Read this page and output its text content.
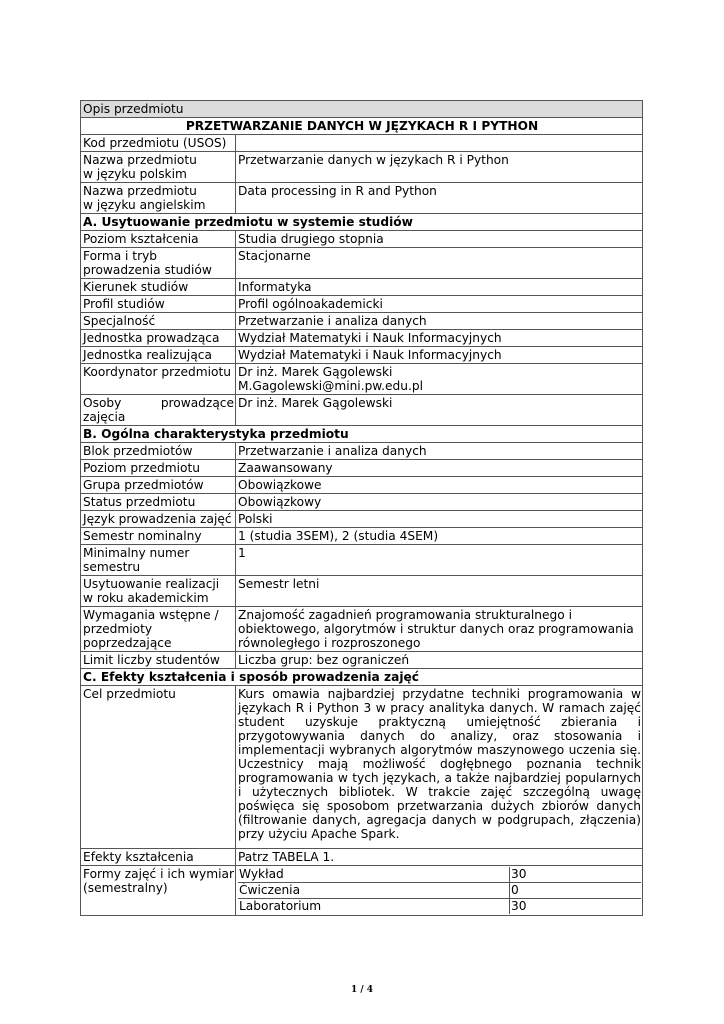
Opis przedmiotu
PRZETWARZANIE DANYCH W JĘZYKACH R I PYTHON
Kod przedmiotu (USOS)	
Nazwa przedmiotu
w języku polskim	Przetwarzanie danych w językach R i Python
Nazwa przedmiotu
w języku angielskim	Data processing in R and Python
A. Usytuowanie przedmiotu w systemie studiów
Poziom kształcenia	Studia drugiego stopnia
Forma i tryb
prowadzenia studiów	Stacjonarne
Kierunek studiów	Informatyka
Profil studiów	Profil ogólnoakademicki
Specjalność	Przetwarzanie i analiza danych
Jednostka prowadząca	Wydział Matematyki i Nauk Informacyjnych
Jednostka realizująca	Wydział Matematyki i Nauk Informacyjnych
Koordynator przedmiotu	Dr inż. Marek Gągolewski
M.Gagolewski@mini.pw.edu.pl
Osoby prowadzące zajęcia	Dr inż. Marek Gągolewski
B. Ogólna charakterystyka przedmiotu
Blok przedmiotów	Przetwarzanie i analiza danych
Poziom przedmiotu	Zaawansowany
Grupa przedmiotów	Obowiązkowe
Status przedmiotu	Obowiązkowy
Język prowadzenia zajęć	Polski
Semestr nominalny	1 (studia 3SEM), 2 (studia 4SEM)
Minimalny numer
semestru	1
Usytuowanie realizacji
w roku akademickim	Semestr letni
Wymagania wstępne /
przedmioty
poprzedzające	Znajomość zagadnień programowania strukturalnego i
obiektowego, algorytmów i struktur danych oraz programowania
równoległego i rozproszonego
Limit liczby studentów	Liczba grup: bez ograniczeń
C. Efekty kształcenia i sposób prowadzenia zajęć
Cel przedmiotu	Kurs omawia najbardziej przydatne techniki programowania w językach R i Python 3 w pracy analityka danych. W ramach zajęć student uzyskuje praktyczną umiejętność zbierania i przygotowywania danych do analizy, oraz stosowania i implementacji wybranych algorytmów maszynowego uczenia się. Uczestnicy mają możliwość dogłębnego poznania technik programowania w tych językach, a także najbardziej popularnych i użytecznych bibliotek. W trakcie zajęć szczególną uwagę poświęca się sposobom przetwarzania dużych zbiorów danych (filtrowanie danych, agregacja danych w podgrupach, złączenia) przy użyciu Apache Spark.
Efekty kształcenia	Patrz TABELA 1.
Formy zajęć i ich wymiar (semestralny)	
Wykład	30
Ćwiczenia	0
Laboratorium	30
1 / 4
